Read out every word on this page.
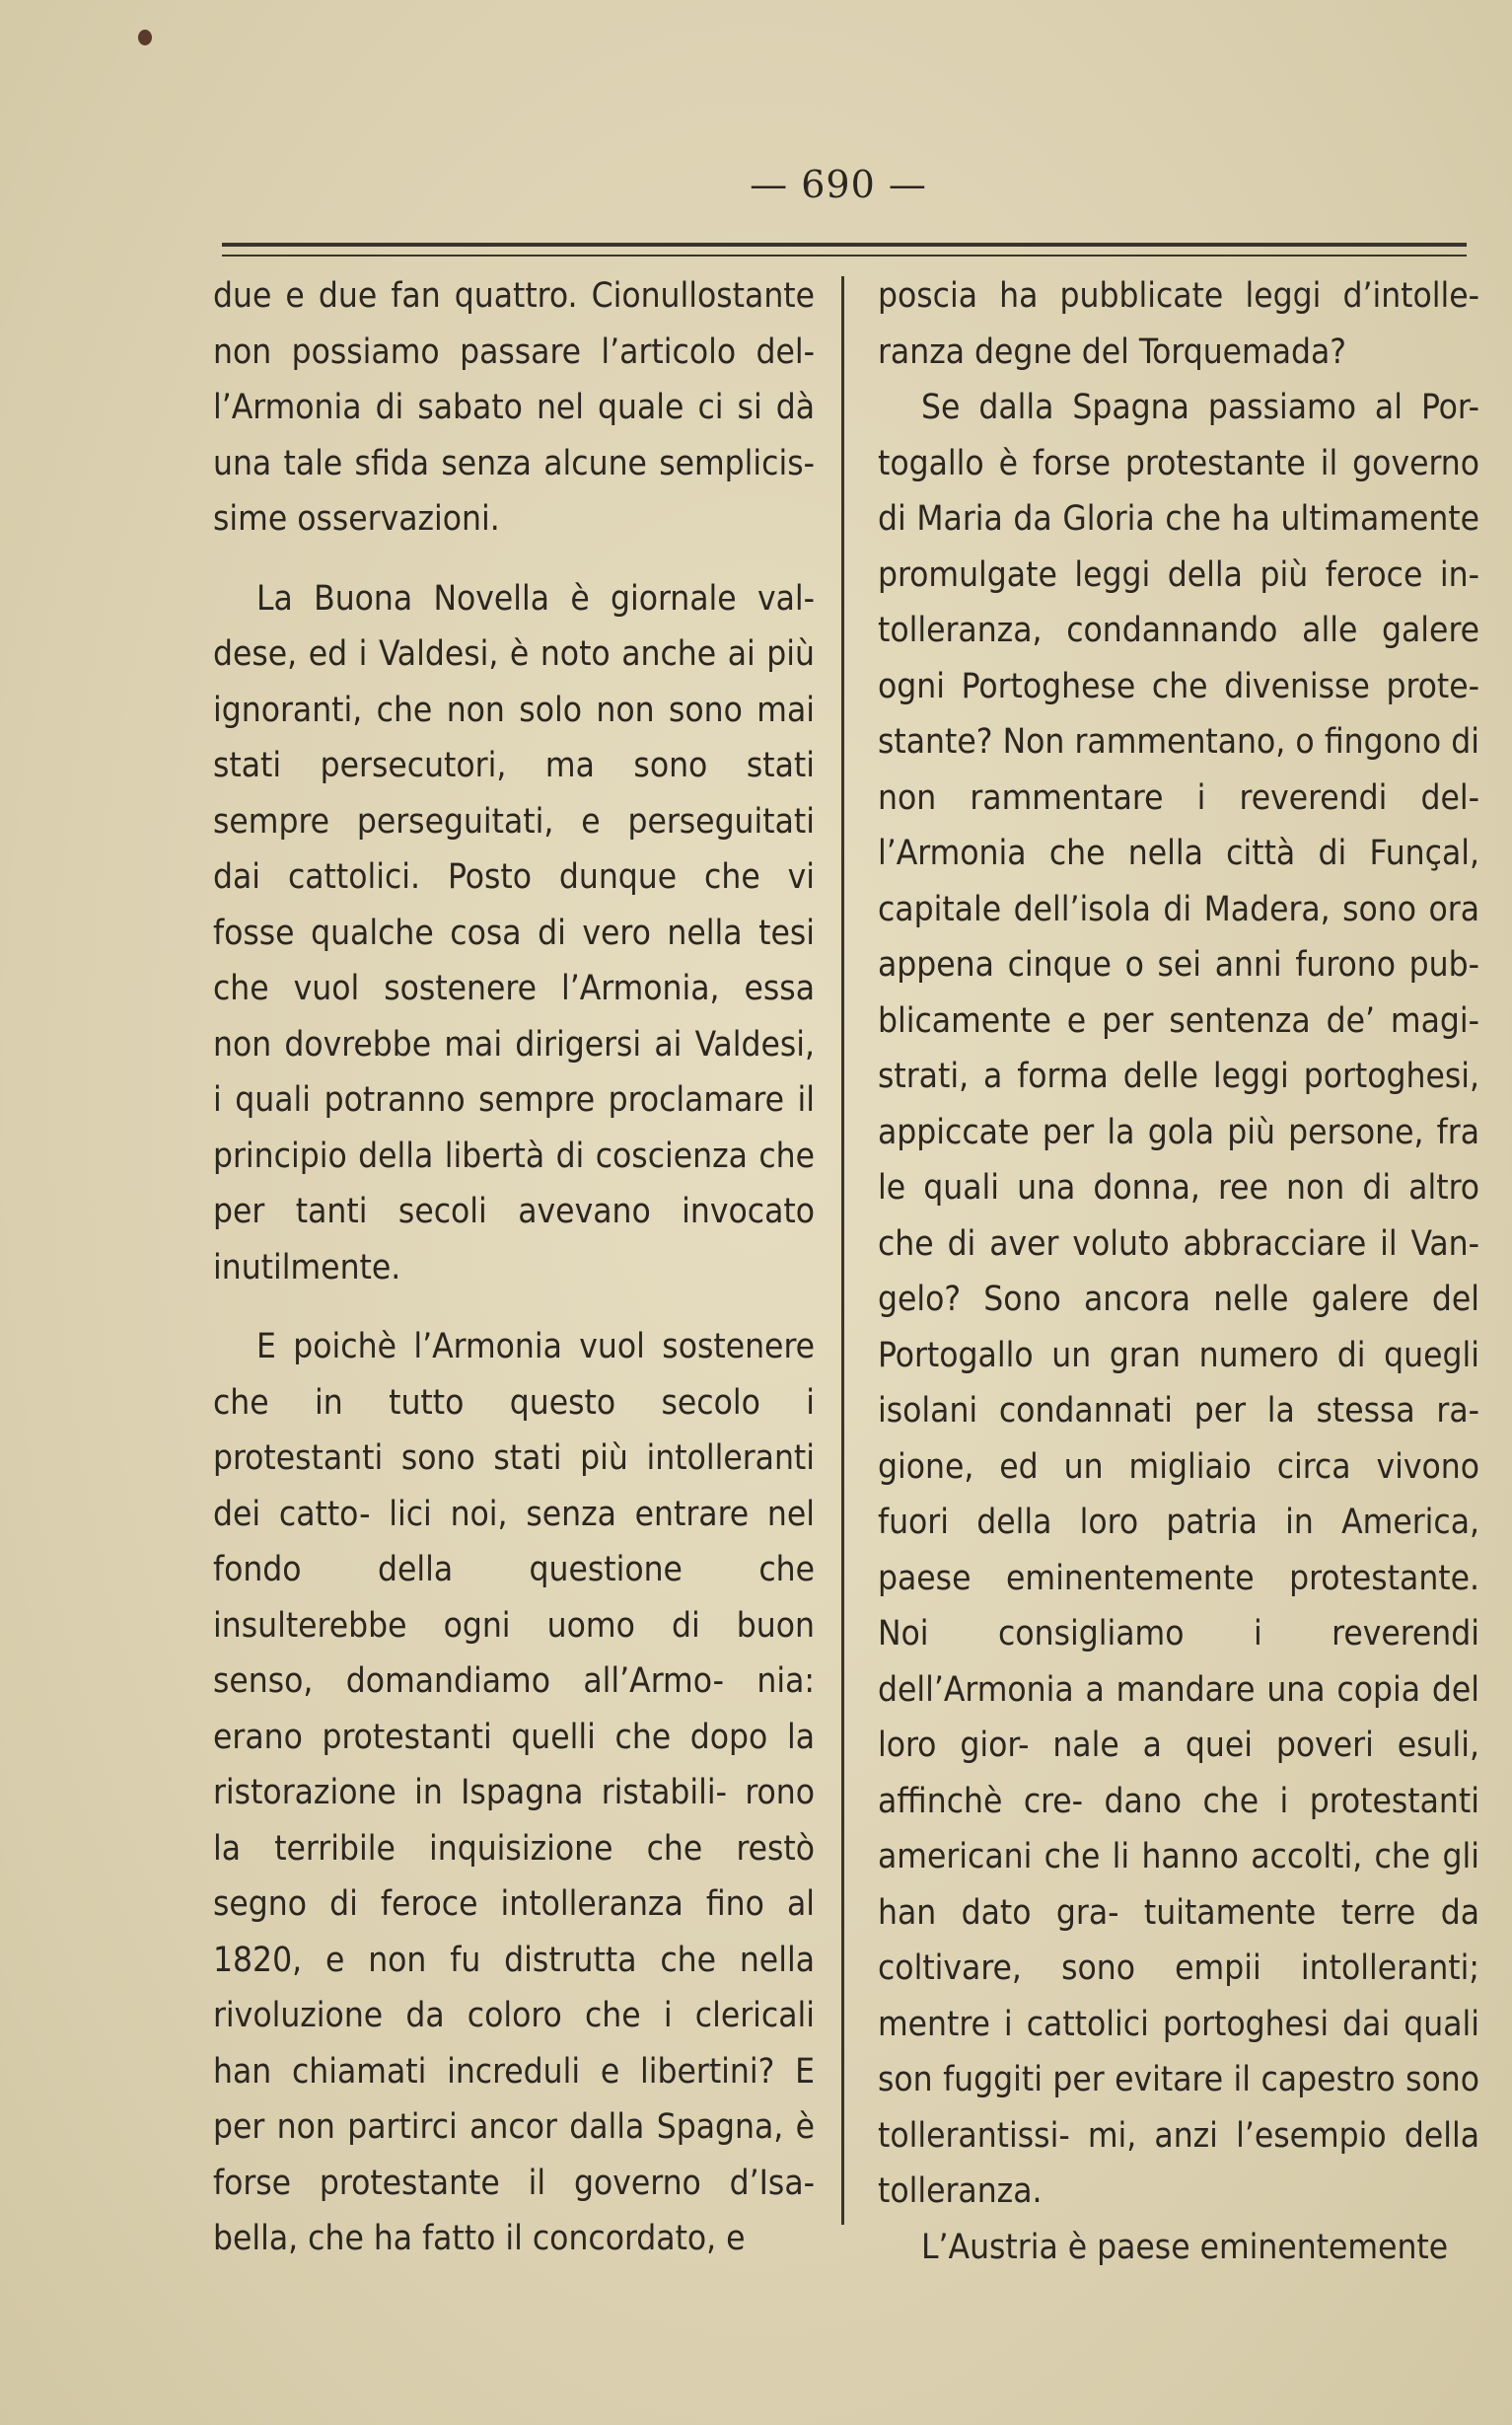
— 690 —

due e due fan quattro. Cionullostante non possiamo passare l’articolo del- l’Armonia di sabato nel quale ci si dà una tale sfida senza alcune semplicis- sime osservazioni.

La Buona Novella è giornale val- dese, ed i Valdesi, è noto anche ai più ignoranti, che non solo non sono mai stati persecutori, ma sono stati sempre perseguitati, e perseguitati dai cattolici. Posto dunque che vi fosse qualche cosa di vero nella tesi che vuol sostenere l’Armonia, essa non dovrebbe mai dirigersi ai Valdesi, i quali potranno sempre proclamare il principio della libertà di coscienza che per tanti secoli avevano invocato inutilmente.

E poichè l’Armonia vuol sostenere che in tutto questo secolo i protestanti sono stati più intolleranti dei catto- lici noi, senza entrare nel fondo della questione che insulterebbe ogni uomo di buon senso, domandiamo all’Armo- nia: erano protestanti quelli che dopo la ristorazione in Ispagna ristabili- rono la terribile inquisizione che restò segno di feroce intolleranza fino al 1820, e non fu distrutta che nella rivoluzione da coloro che i clericali han chiamati increduli e libertini? E per non partirci ancor dalla Spagna, è forse protestante il governo d’Isa- bella, che ha fatto il concordato, e

poscia ha pubblicate leggi d’intolle- ranza degne del Torquemada?

Se dalla Spagna passiamo al Por- togallo è forse protestante il governo di Maria da Gloria che ha ultimamente promulgate leggi della più feroce in- tolleranza, condannando alle galere ogni Portoghese che divenisse prote- stante? Non rammentano, o fingono di non rammentare i reverendi del- l’Armonia che nella città di Funçal, capitale dell’isola di Madera, sono ora appena cinque o sei anni furono pub- blicamente e per sentenza de’ magi- strati, a forma delle leggi portoghesi, appiccate per la gola più persone, fra le quali una donna, ree non di altro che di aver voluto abbracciare il Van- gelo? Sono ancora nelle galere del Portogallo un gran numero di quegli isolani condannati per la stessa ra- gione, ed un migliaio circa vivono fuori della loro patria in America, paese eminentemente protestante. Noi consigliamo i reverendi dell’Armonia a mandare una copia del loro gior- nale a quei poveri esuli, affinchè cre- dano che i protestanti americani che li hanno accolti, che gli han dato gra- tuitamente terre da coltivare, sono empii intolleranti; mentre i cattolici portoghesi dai quali son fuggiti per evitare il capestro sono tollerantissi- mi, anzi l’esempio della tolleranza.

L’Austria è paese eminentemente
